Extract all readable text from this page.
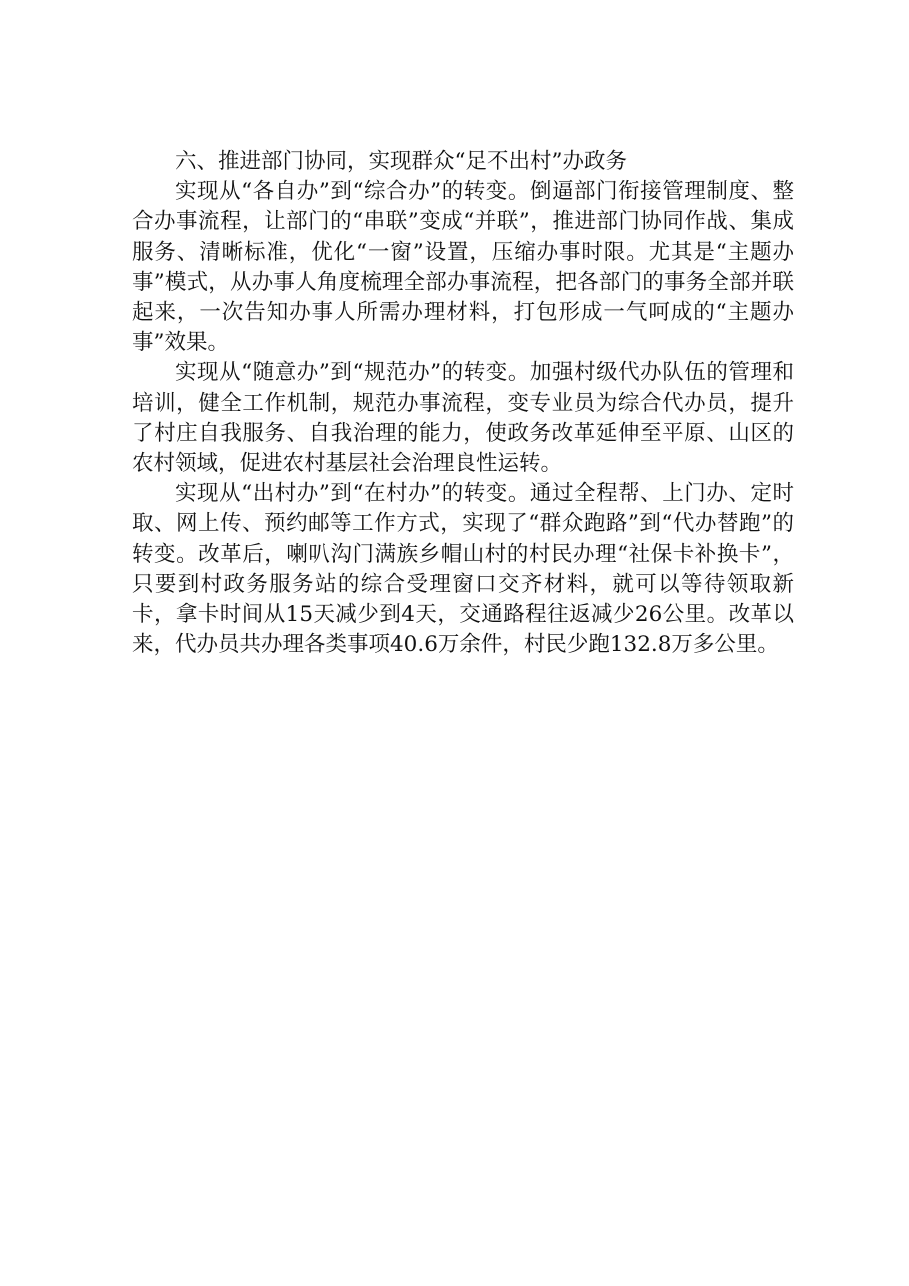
六、推进部门协同，实现群众“足不出村”办政务

实现从“各自办”到“综合办”的转变。倒逼部门衔接管理制度、整合办事流程，让部门的“串联”变成“并联”，推进部门协同作战、集成服务、清晰标准，优化“一窗”设置，压缩办事时限。尤其是“主题办事”模式，从办事人角度梳理全部办事流程，把各部门的事务全部并联起来，一次告知办事人所需办理材料，打包形成一气呵成的“主题办事”效果。

实现从“随意办”到“规范办”的转变。加强村级代办队伍的管理和培训，健全工作机制，规范办事流程，变专业员为综合代办员，提升了村庄自我服务、自我治理的能力，使政务改革延伸至平原、山区的农村领域，促进农村基层社会治理良性运转。

实现从“出村办”到“在村办”的转变。通过全程帮、上门办、定时取、网上传、预约邮等工作方式，实现了“群众跑路”到“代办替跑”的转变。改革后，喇叭沟门满族乡帽山村的村民办理“社保卡补换卡”，只要到村政务服务站的综合受理窗口交齐材料，就可以等待领取新卡，拿卡时间从15天减少到4天，交通路程往返减少26公里。改革以来，代办员共办理各类事项40.6万余件，村民少跑132.8万多公里。
